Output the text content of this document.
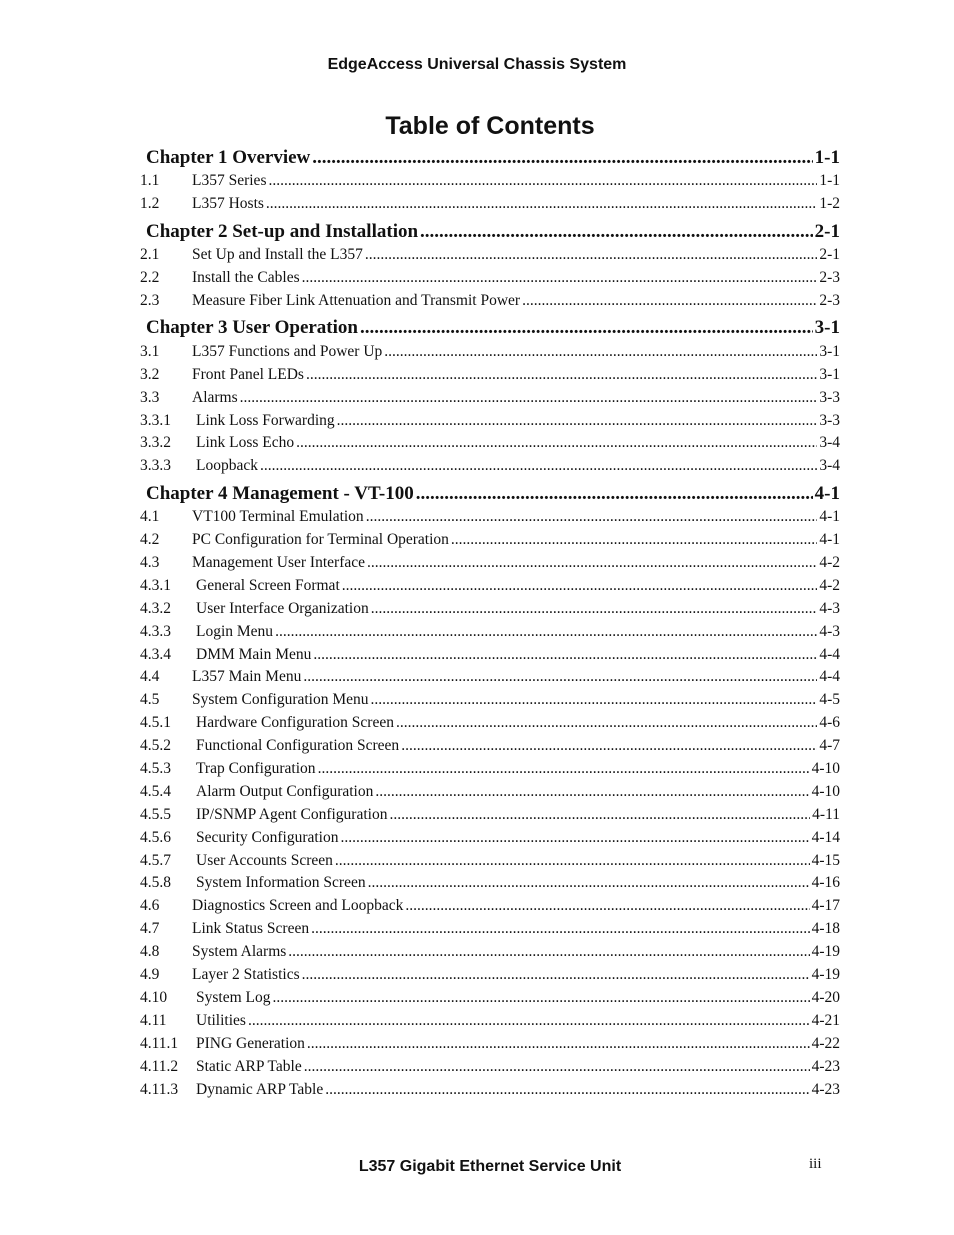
EdgeAccess Universal Chassis System
Table of Contents
Chapter 1 Overview .....	1-1
1.1	L357 Series .....	1-1
1.2	L357 Hosts .....	1-2
Chapter 2 Set-up and Installation .....	2-1
2.1	Set Up and Install the L357 .....	2-1
2.2	Install the Cables .....	2-3
2.3	Measure Fiber Link Attenuation and Transmit Power .....	2-3
Chapter 3 User Operation .....	3-1
3.1	L357 Functions and Power Up .....	3-1
3.2	Front Panel LEDs .....	3-1
3.3	Alarms .....	3-3
3.3.1	Link Loss Forwarding .....	3-3
3.3.2	Link Loss Echo .....	3-4
3.3.3	Loopback .....	3-4
Chapter 4 Management - VT-100 .....	4-1
4.1	VT100 Terminal Emulation .....	4-1
4.2	PC Configuration for Terminal Operation .....	4-1
4.3	Management User Interface .....	4-2
4.3.1	General Screen Format .....	4-2
4.3.2	User Interface Organization .....	4-3
4.3.3	Login Menu .....	4-3
4.3.4	DMM Main Menu .....	4-4
4.4	L357 Main Menu .....	4-4
4.5	System Configuration Menu .....	4-5
4.5.1	Hardware Configuration Screen .....	4-6
4.5.2	Functional Configuration Screen .....	4-7
4.5.3	Trap Configuration .....	4-10
4.5.4	Alarm Output Configuration .....	4-10
4.5.5	IP/SNMP Agent Configuration .....	4-11
4.5.6	Security Configuration .....	4-14
4.5.7	User Accounts Screen .....	4-15
4.5.8	System Information Screen .....	4-16
4.6	Diagnostics Screen and Loopback .....	4-17
4.7	Link Status Screen .....	4-18
4.8	System Alarms .....	4-19
4.9	Layer 2 Statistics .....	4-19
4.10	System Log .....	4-20
4.11	Utilities .....	4-21
4.11.1	PING Generation .....	4-22
4.11.2	Static ARP Table .....	4-23
4.11.3	Dynamic ARP Table .....	4-23
L357 Gigabit Ethernet Service Unit	iii
